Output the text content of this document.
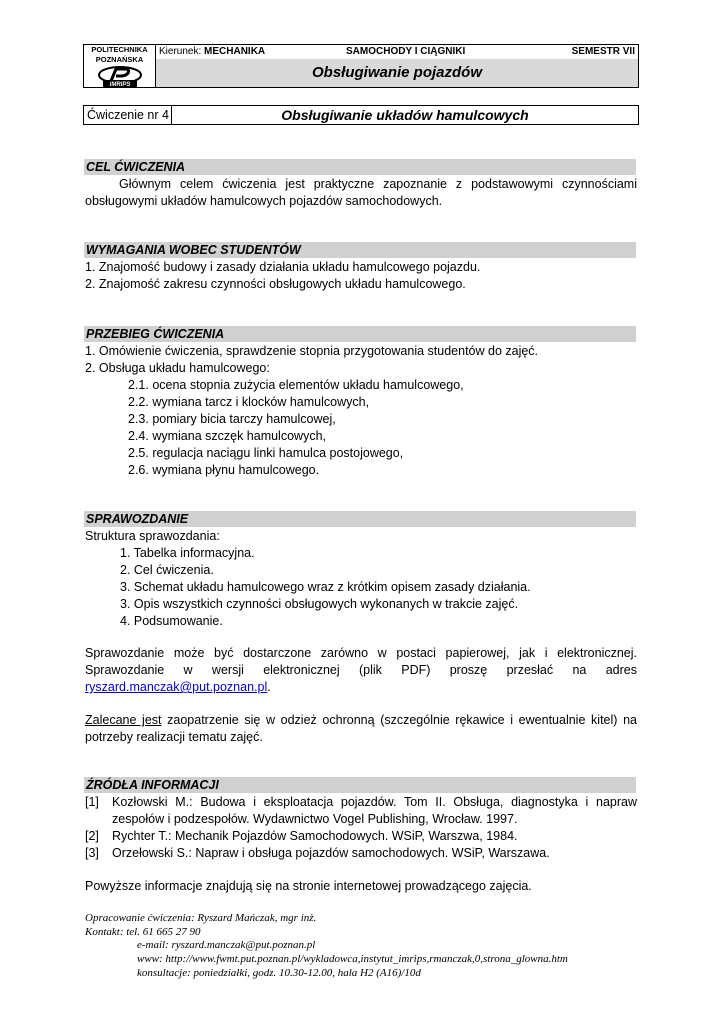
POLITECHNIKA
POZNAŃSKA
IMRIPS
Kierunek: MECHANIKA	SAMOCHODY I CIĄGNIKI	SEMESTR VII
Obsługiwanie pojazdów
Ćwiczenie nr 4	Obsługiwanie układów hamulcowych
CEL ĆWICZENIA
Głównym celem ćwiczenia jest praktyczne zapoznanie z podstawowymi czynnościami obsługowymi układów hamulcowych pojazdów samochodowych.
WYMAGANIA WOBEC STUDENTÓW
1. Znajomość budowy i zasady działania układu hamulcowego pojazdu.
2. Znajomość zakresu czynności obsługowych układu hamulcowego.
PRZEBIEG ĆWICZENIA
1. Omówienie ćwiczenia, sprawdzenie stopnia przygotowania studentów do zajęć.
2. Obsługa układu hamulcowego:
2.1. ocena stopnia zużycia elementów układu hamulcowego,
2.2. wymiana tarcz i klocków hamulcowych,
2.3. pomiary bicia tarczy hamulcowej,
2.4. wymiana szczęk hamulcowych,
2.5. regulacja naciągu linki hamulca postojowego,
2.6. wymiana płynu hamulcowego.
SPRAWOZDANIE
Struktura sprawozdania:
1. Tabelka informacyjna.
2. Cel ćwiczenia.
3. Schemat układu hamulcowego wraz z krótkim opisem zasady działania.
3. Opis wszystkich czynności obsługowych wykonanych w trakcie zajęć.
4. Podsumowanie.
Sprawozdanie może być dostarczone zarówno w postaci papierowej, jak i elektronicznej. Sprawozdanie w wersji elektronicznej (plik PDF) proszę przesłać na adres ryszard.manczak@put.poznan.pl.
Zalecane jest zaopatrzenie się w odzież ochronną (szczególnie rękawice i ewentualnie kitel) na potrzeby realizacji tematu zajęć.
ŹRÓDŁA INFORMACJI
[1] Kozłowski M.: Budowa i eksploatacja pojazdów. Tom II. Obsługa, diagnostyka i napraw zespołów i podzespołów. Wydawnictwo Vogel Publishing, Wrocław. 1997.
[2] Rychter T.: Mechanik Pojazdów Samochodowych. WSiP, Warszwa, 1984.
[3] Orzełowski S.: Napraw i obsługa pojazdów samochodowych. WSiP, Warszawa.
Powyższe informacje znajdują się na stronie internetowej prowadzącego zajęcia.
Opracowanie ćwiczenia: Ryszard Mańczak, mgr inż.
Kontakt: tel. 61 665 27 90
e-mail: ryszard.manczak@put.poznan.pl
www: http://www.fwmt.put.poznan.pl/wykladowca,instytut_imrips,rmanczak,0,strona_glowna.htm
konsultacje: poniedziałki, godz. 10.30-12.00, hala H2 (A16)/10d
